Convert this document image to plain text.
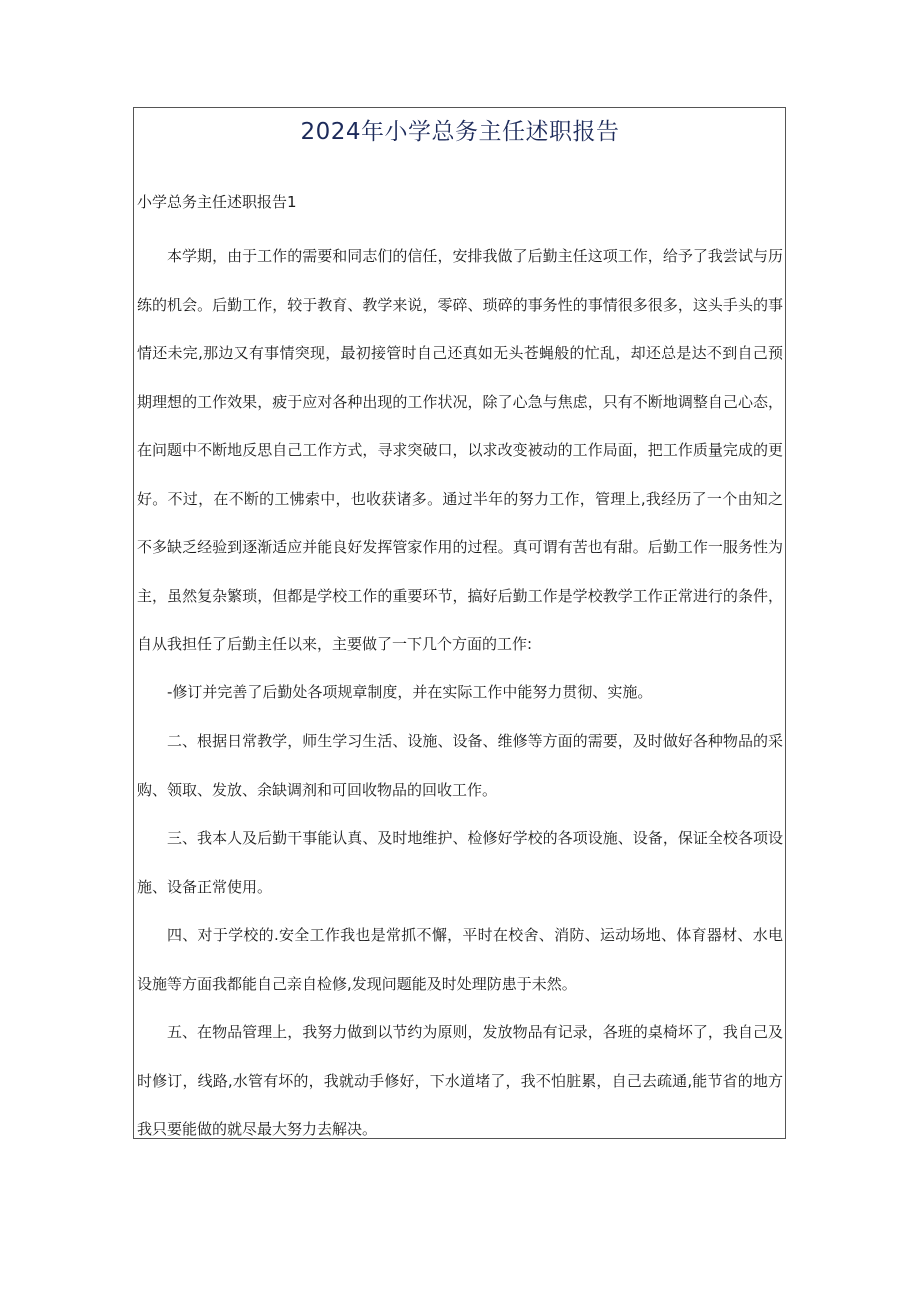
2024年小学总务主任述职报告
小学总务主任述职报告1

本学期，由于工作的需要和同志们的信任，安排我做了后勤主任这项工作，给予了我尝试与历练的机会。后勤工作，较于教育、教学来说，零碎、琐碎的事务性的事情很多很多，这头手头的事情还未完,那边又有事情突现，最初接管时自己还真如无头苍蝇般的忙乱，却还总是达不到自己预期理想的工作效果，疲于应对各种出现的工作状况，除了心急与焦虑，只有不断地调整自己心态，在问题中不断地反思自己工作方式，寻求突破口，以求改变被动的工作局面，把工作质量完成的更好。不过，在不断的工怫索中，也收获诸多。通过半年的努力工作，管理上,我经历了一个由知之不多缺乏经验到逐渐适应并能良好发挥管家作用的过程。真可谓有苦也有甜。后勤工作一服务性为主，虽然复杂繁琐，但都是学校工作的重要环节，搞好后勤工作是学校教学工作正常进行的条件，自从我担任了后勤主任以来，主要做了一下几个方面的工作:

-修订并完善了后勤处各项规章制度，并在实际工作中能努力贯彻、实施。

二、根据日常教学，师生学习生活、设施、设备、维修等方面的需要，及时做好各种物品的采购、领取、发放、余缺调剂和可回收物品的回收工作。

三、我本人及后勤干事能认真、及时地维护、检修好学校的各项设施、设备，保证全校各项设施、设备正常使用。

四、对于学校的.安全工作我也是常抓不懈，平时在校舍、消防、运动场地、体育器材、水电设施等方面我都能自己亲自检修,发现问题能及时处理防患于未然。

五、在物品管理上，我努力做到以节约为原则，发放物品有记录，各班的桌椅坏了，我自己及时修订，线路,水管有坏的，我就动手修好，下水道堵了，我不怕脏累，自己去疏通,能节省的地方我只要能做的就尽最大努力去解决。
